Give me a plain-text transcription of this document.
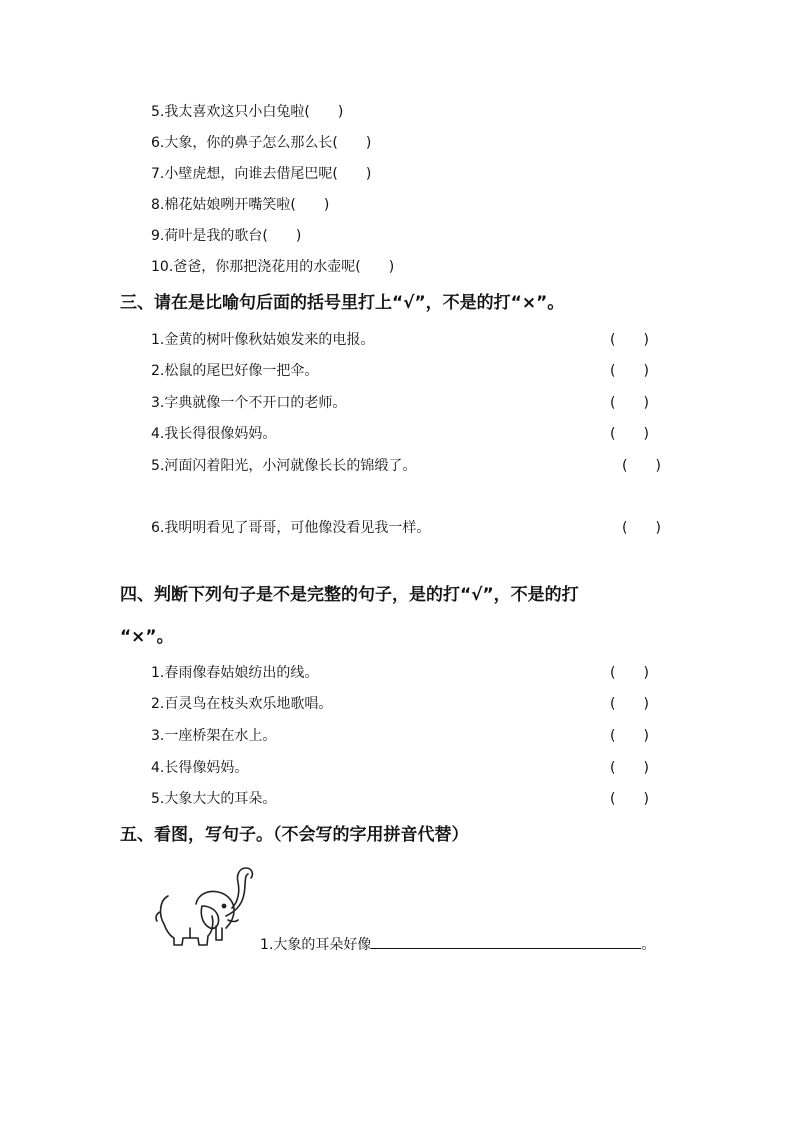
5.我太喜欢这只小白兔啦(　　)
6.大象，你的鼻子怎么那么长(　　)
7.小壁虎想，向谁去借尾巴呢(　　)
8.棉花姑娘咧开嘴笑啦(　　)
9.荷叶是我的歌台(　　)
10.爸爸，你那把浇花用的水壶呢(　　)
三、请在是比喻句后面的括号里打上“√”，不是的打“×”。
1.金黄的树叶像秋姑娘发来的电报。	(　　)
2.松鼠的尾巴好像一把伞。	(　　)
3.字典就像一个不开口的老师。	(　　)
4.我长得很像妈妈。	(　　)
5.河面闪着阳光，小河就像长长的锦缎了。	(　　)
6.我明明看见了哥哥，可他像没看见我一样。	(　　)
四、判断下列句子是不是完整的句子，是的打“√”，不是的打
“×”。
1.春雨像春姑娘纺出的线。	(　　)
2.百灵鸟在枝头欢乐地歌唱。	(　　)
3.一座桥架在水上。	(　　)
4.长得像妈妈。	(　　)
5.大象大大的耳朵。	(　　)
五、看图，写句子。（不会写的字用拼音代替）
1.大象的耳朵好像	。
